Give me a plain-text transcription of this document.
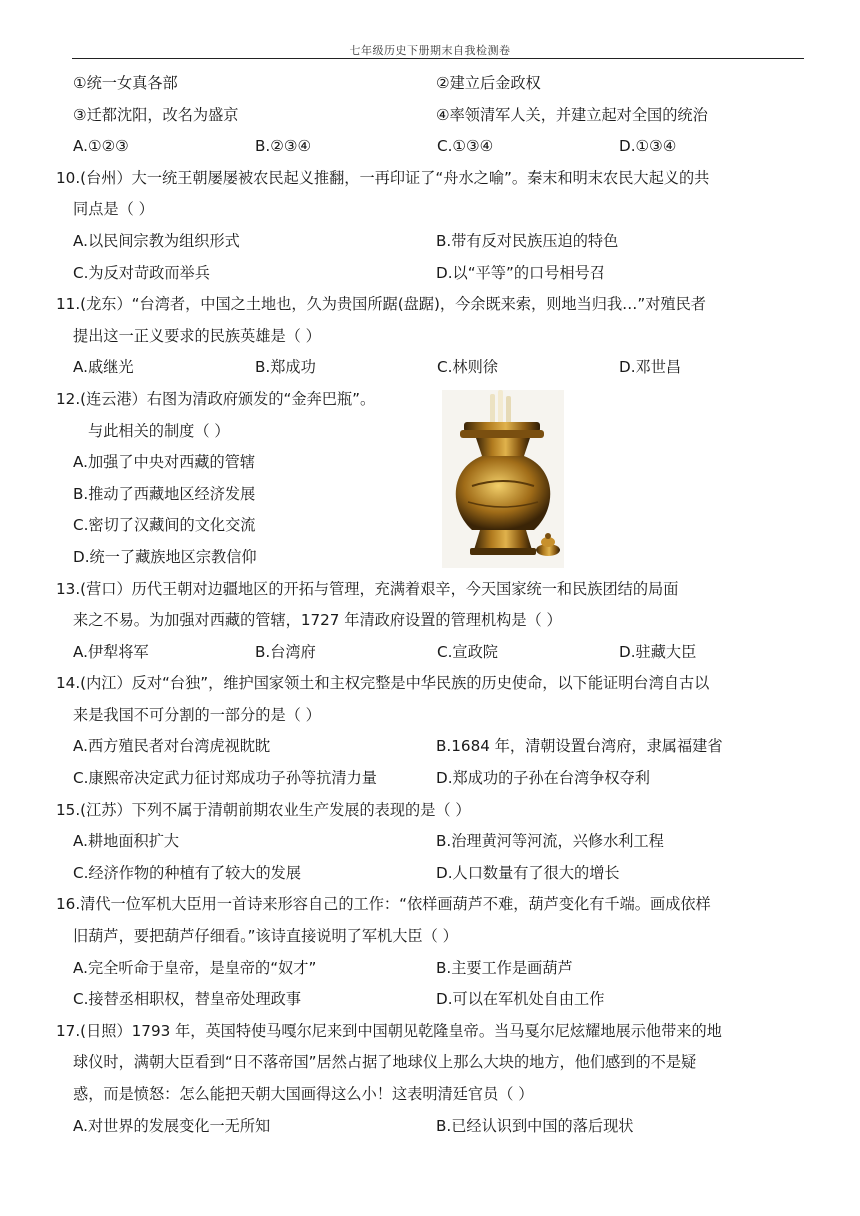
七年级历史下册期末自我检测卷
①统一女真各部	②建立后金政权
③迁都沈阳，改名为盛京	④率领清军人关，并建立起对全国的统治
A.①②③	B.②③④	C.①③④	D.①③④
10.(台州）大一统王朝屡屡被农民起义推翻，一再印证了“舟水之喻”。秦末和明末农民大起义的共
同点是（ ）
A.以民间宗教为组织形式	B.带有反对民族压迫的特色
C.为反对苛政而举兵	D.以“平等”的口号相号召
11.(龙东）“台湾者，中国之土地也，久为贵国所踞(盘踞)，今余既来索，则地当归我…”对殖民者
提出这一正义要求的民族英雄是（ ）
A.戚继光	B.郑成功	C.林则徐	D.邓世昌
12.(连云港）右图为清政府颁发的“金奔巴瓶”。
与此相关的制度（ ）
A.加强了中央对西藏的管辖
B.推动了西藏地区经济发展
C.密切了汉藏间的文化交流
D.统一了藏族地区宗教信仰
13.(营口）历代王朝对边疆地区的开拓与管理，充满着艰辛，今天国家统一和民族团结的局面
来之不易。为加强对西藏的管辖，1727 年清政府设置的管理机构是（ ）
A.伊犁将军	B.台湾府	C.宣政院	D.驻藏大臣
14.(内江）反对“台独”，维护国家领土和主权完整是中华民族的历史使命，以下能证明台湾自古以
来是我国不可分割的一部分的是（ ）
A.西方殖民者对台湾虎视眈眈	B.1684 年，清朝设置台湾府，隶属福建省
C.康熙帝决定武力征讨郑成功子孙等抗清力量	D.郑成功的子孙在台湾争权夺利
15.(江苏）下列不属于清朝前期农业生产发展的表现的是（ ）
A.耕地面积扩大	B.治理黄河等河流，兴修水利工程
C.经济作物的种植有了较大的发展	D.人口数量有了很大的增长
16.清代一位军机大臣用一首诗来形容自己的工作：“依样画葫芦不难，葫芦变化有千端。画成依样
旧葫芦，要把葫芦仔细看。”该诗直接说明了军机大臣（ ）
A.完全听命于皇帝，是皇帝的“奴才”	B.主要工作是画葫芦
C.接替丞相职权，替皇帝处理政事	D.可以在军机处自由工作
17.(日照）1793 年，英国特使马嘎尔尼来到中国朝见乾隆皇帝。当马戛尔尼炫耀地展示他带来的地
球仪时，满朝大臣看到“日不落帝国”居然占据了地球仪上那么大块的地方，他们感到的不是疑
惑，而是愤怒：怎么能把天朝大国画得这么小！这表明清廷官员（ ）
A.对世界的发展变化一无所知	B.已经认识到中国的落后现状
